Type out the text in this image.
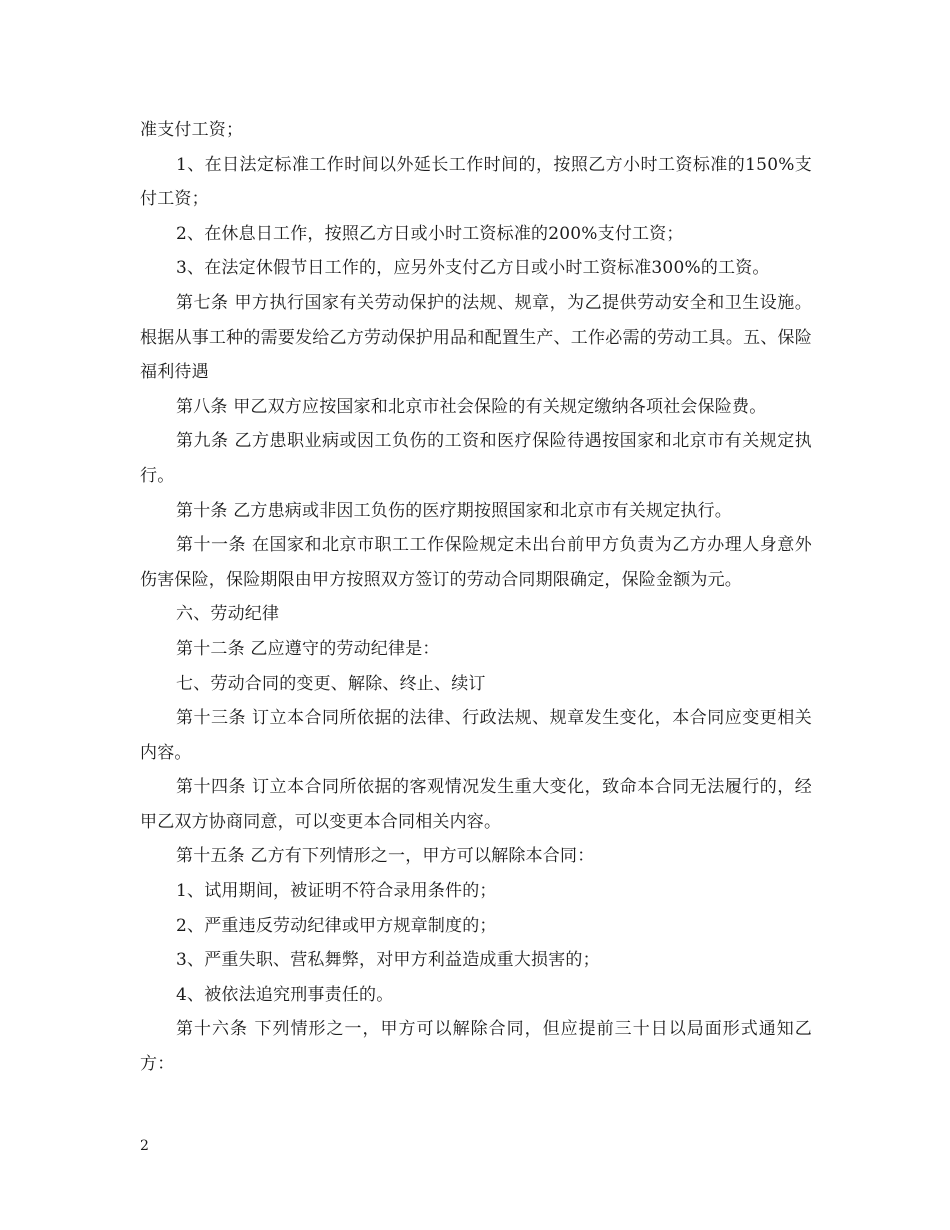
准支付工资；

1、在日法定标准工作时间以外延长工作时间的，按照乙方小时工资标准的150%支付工资；

2、在休息日工作，按照乙方日或小时工资标准的200%支付工资；

3、在法定休假节日工作的，应另外支付乙方日或小时工资标准300%的工资。

第七条 甲方执行国家有关劳动保护的法规、规章，为乙提供劳动安全和卫生设施。根据从事工种的需要发给乙方劳动保护用品和配置生产、工作必需的劳动工具。五、保险福利待遇

第八条 甲乙双方应按国家和北京市社会保险的有关规定缴纳各项社会保险费。

第九条 乙方患职业病或因工负伤的工资和医疗保险待遇按国家和北京市有关规定执行。

第十条 乙方患病或非因工负伤的医疗期按照国家和北京市有关规定执行。

第十一条 在国家和北京市职工工作保险规定未出台前甲方负责为乙方办理人身意外伤害保险，保险期限由甲方按照双方签订的劳动合同期限确定，保险金额为元。

六、劳动纪律

第十二条 乙应遵守的劳动纪律是：

七、劳动合同的变更、解除、终止、续订

第十三条 订立本合同所依据的法律、行政法规、规章发生变化，本合同应变更相关内容。

第十四条 订立本合同所依据的客观情况发生重大变化，致命本合同无法履行的，经甲乙双方协商同意，可以变更本合同相关内容。

第十五条 乙方有下列情形之一，甲方可以解除本合同：

1、试用期间，被证明不符合录用条件的；

2、严重违反劳动纪律或甲方规章制度的；

3、严重失职、营私舞弊，对甲方利益造成重大损害的；

4、被依法追究刑事责任的。

第十六条 下列情形之一，甲方可以解除合同，但应提前三十日以局面形式通知乙方：

2
